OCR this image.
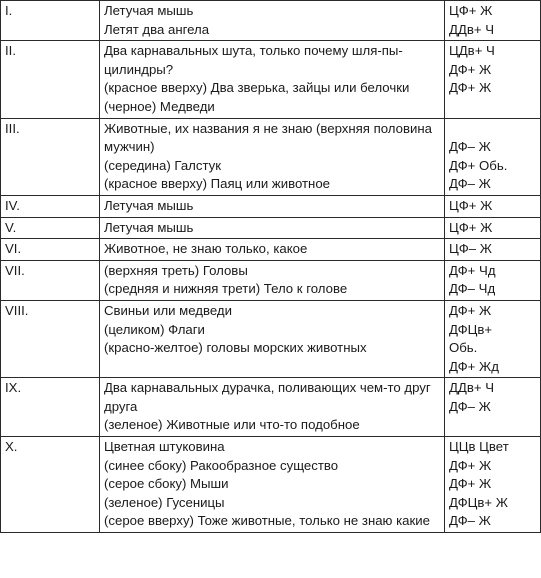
I.	Летучая мышь
Летят два ангела	ЦФ+ Ж
ДДв+ Ч

II.	Два карнавальных шута, только почему шля-пы-цилиндры?
(красное вверху) Два зверька, зайцы или белочки
(черное) Медведи	ЦДв+ Ч
ДФ+ Ж
ДФ+ Ж

III.	Животные, их названия я не знаю (верхняя половина мужчин)
(середина) Галстук
(красное вверху) Паяц или животное	ДФ– Ж
ДФ+ Обь.
ДФ– Ж

IV.	Летучая мышь	ЦФ+ Ж

V.	Летучая мышь	ЦФ+ Ж

VI.	Животное, не знаю только, какое	ЦФ– Ж

VII.	(верхняя треть) Головы
(средняя и нижняя трети) Тело к голове	ДФ+ Чд
ДФ– Чд

VIII.	Свиньи или медведи
(целиком) Флаги
(красно-желтое) головы морских животных	ДФ+ Ж
ДФЦв+
Обь.
ДФ+ Жд

IX.	Два карнавальных дурачка, поливающих чем-то друг друга
(зеленое) Животные или что-то подобное	ДДв+ Ч
ДФ– Ж

X.	Цветная штуковина
(синее сбоку) Ракообразное существо
(серое сбоку) Мыши
(зеленое) Гусеницы
(серое вверху) Тоже животные, только не знаю какие	ЦЦв Цвет
ДФ+ Ж
ДФ+ Ж
ДФЦв+ Ж
ДФ– Ж
